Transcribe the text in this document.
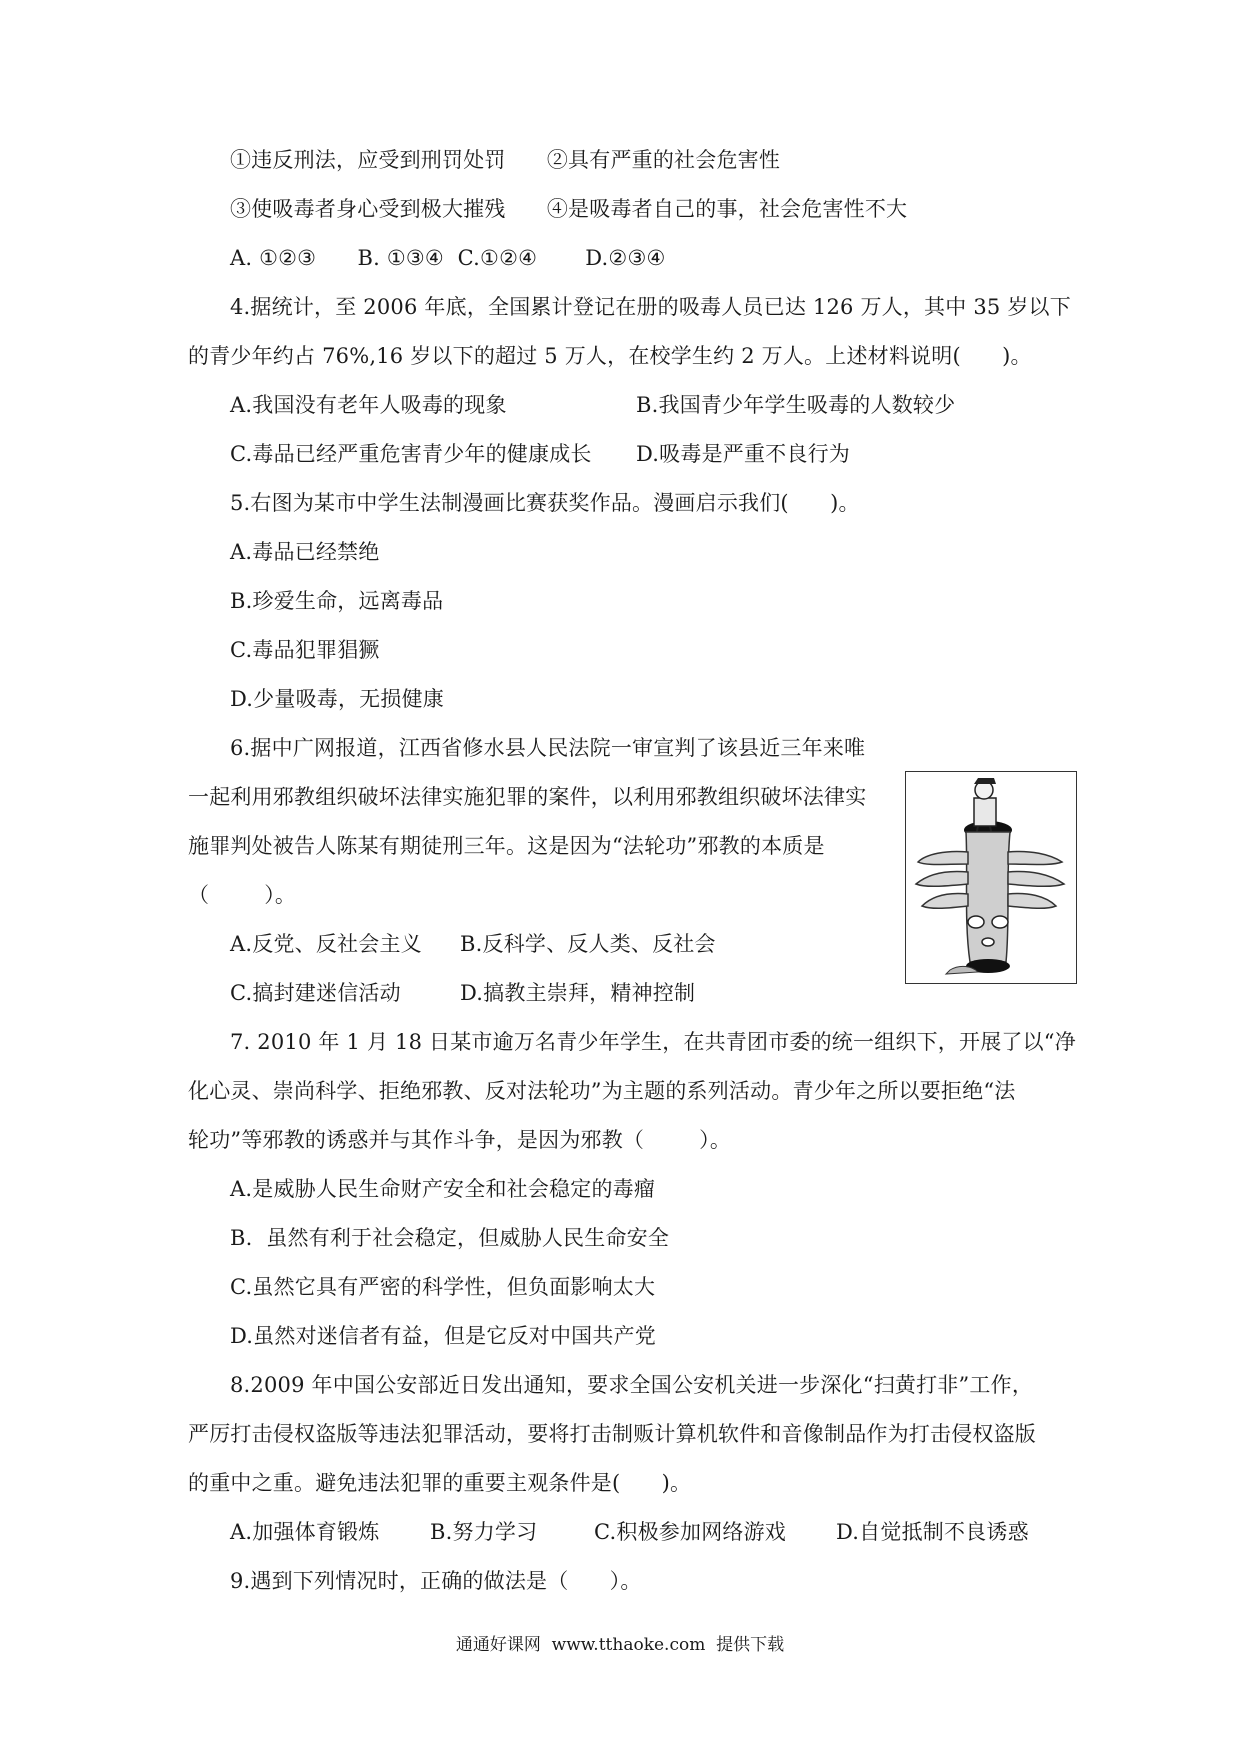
①违反刑法，应受到刑罚处罚      ②具有严重的社会危害性
③使吸毒者身心受到极大摧残      ④是吸毒者自己的事，社会危害性不大
A. ①②③      B. ①③④  C.①②④       D.②③④
4.据统计，至 2006 年底，全国累计登记在册的吸毒人员已达 126 万人，其中 35 岁以下
的青少年约占 76%,16 岁以下的超过 5 万人，在校学生约 2 万人。上述材料说明(      )。
A.我国没有老年人吸毒的现象	B.我国青少年学生吸毒的人数较少
C.毒品已经严重危害青少年的健康成长 D.吸毒是严重不良行为
5.右图为某市中学生法制漫画比赛获奖作品。漫画启示我们(      )。
A.毒品已经禁绝
B.珍爱生命，远离毒品
C.毒品犯罪猖獗
D.少量吸毒，无损健康
6.据中广网报道，江西省修水县人民法院一审宣判了该县近三年来唯
一起利用邪教组织破坏法律实施犯罪的案件，以利用邪教组织破坏法律实
施罪判处被告人陈某有期徒刑三年。这是因为“法轮功”邪教的本质是
（        ）。
A.反党、反社会主义 B.反科学、反人类、反社会
C.搞封建迷信活动	D.搞教主崇拜，精神控制
7. 2010 年 1 月 18 日某市逾万名青少年学生，在共青团市委的统一组织下，开展了以“净
化心灵、崇尚科学、拒绝邪教、反对法轮功”为主题的系列活动。青少年之所以要拒绝“法
轮功”等邪教的诱惑并与其作斗争，是因为邪教（        ）。
A.是威胁人民生命财产安全和社会稳定的毒瘤
B.  虽然有利于社会稳定，但威胁人民生命安全
C.虽然它具有严密的科学性，但负面影响太大
D.虽然对迷信者有益，但是它反对中国共产党
8.2009 年中国公安部近日发出通知，要求全国公安机关进一步深化“扫黄打非”工作，
严厉打击侵权盗版等违法犯罪活动，要将打击制贩计算机软件和音像制品作为打击侵权盗版
的重中之重。避免违法犯罪的重要主观条件是(      )。
A.加强体育锻炼 B.努力学习	C.积极参加网络游戏 D.自觉抵制不良诱惑
9.遇到下列情况时，正确的做法是（      ）。
通通好课网  www.tthaoke.com  提供下载
